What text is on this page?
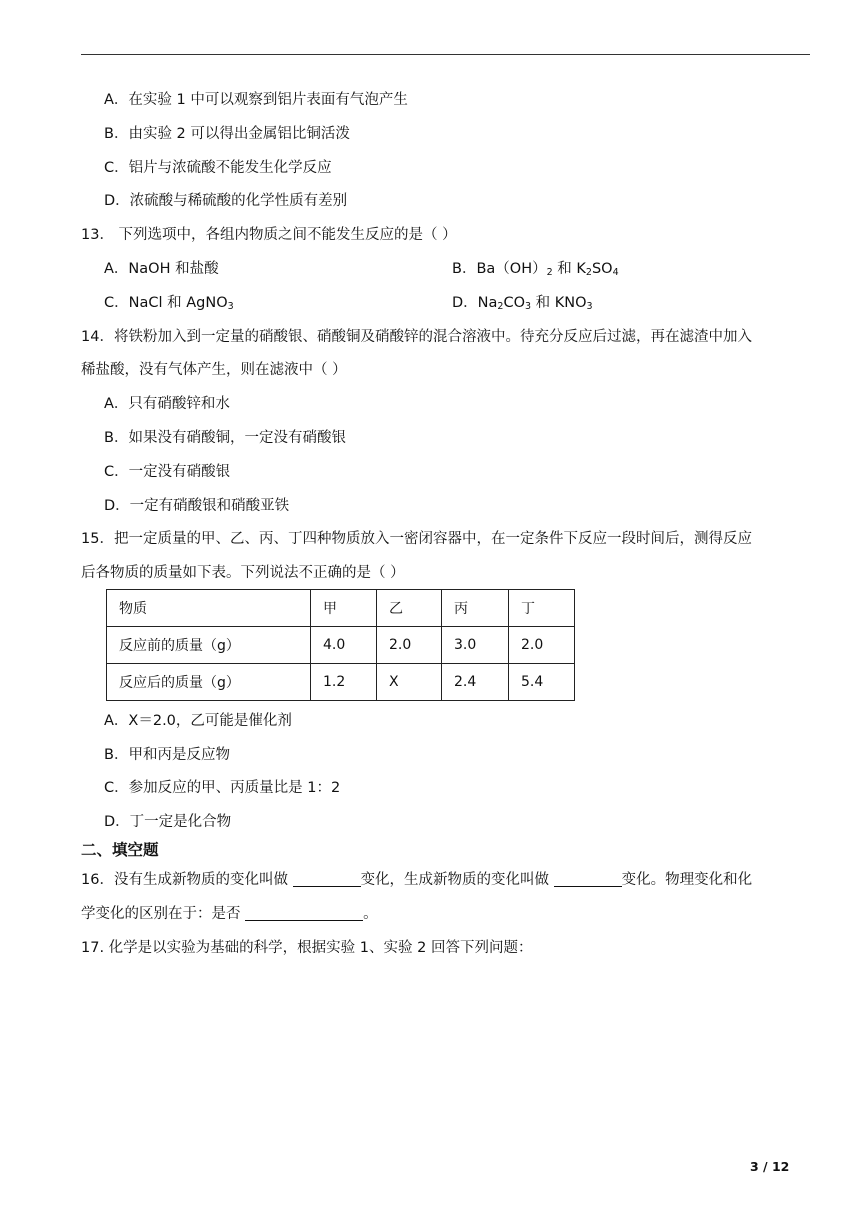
A．在实验 1 中可以观察到铝片表面有气泡产生
B．由实验 2 可以得出金属铝比铜活泼
C．铝片与浓硫酸不能发生化学反应
D．浓硫酸与稀硫酸的化学性质有差别
13． 下列选项中，各组内物质之间不能发生反应的是（ ）
A．NaOH 和盐酸	B．$Ba(OH)_2$ 和 $K_2SO_4$
C．NaCl 和 AgNO$_3$	D．$Na_2CO_3$ 和 $KNO_3$
14．将铁粉加入到一定量的硝酸银、硝酸铜及硝酸锌的混合溶液中。待充分反应后过滤，再在滤渣中加入
稀盐酸，没有气体产生，则在滤液中（ ）
A．只有硝酸锌和水
B．如果没有硝酸铜，一定没有硝酸银
C．一定没有硝酸银
D．一定有硝酸银和硝酸亚铁
15．把一定质量的甲、乙、丙、丁四种物质放入一密闭容器中，在一定条件下反应一段时间后，测得反应
后各物质的质量如下表。下列说法不正确的是（ ）
物质	甲	乙	丙	丁
反应前的质量（g）	4.0	2.0	3.0	2.0
反应后的质量（g）	1.2	X	2.4	5.4
A．X＝2.0，乙可能是催化剂
B．甲和丙是反应物
C．参加反应的甲、丙质量比是 1：2
D．丁一定是化合物
二、填空题
16．没有生成新物质的变化叫做	变化，生成新物质的变化叫做	变化。物理变化和化
学变化的区别在于：是否	。
17. 化学是以实验为基础的科学，根据实验 1、实验 2 回答下列问题：
3 / 12
